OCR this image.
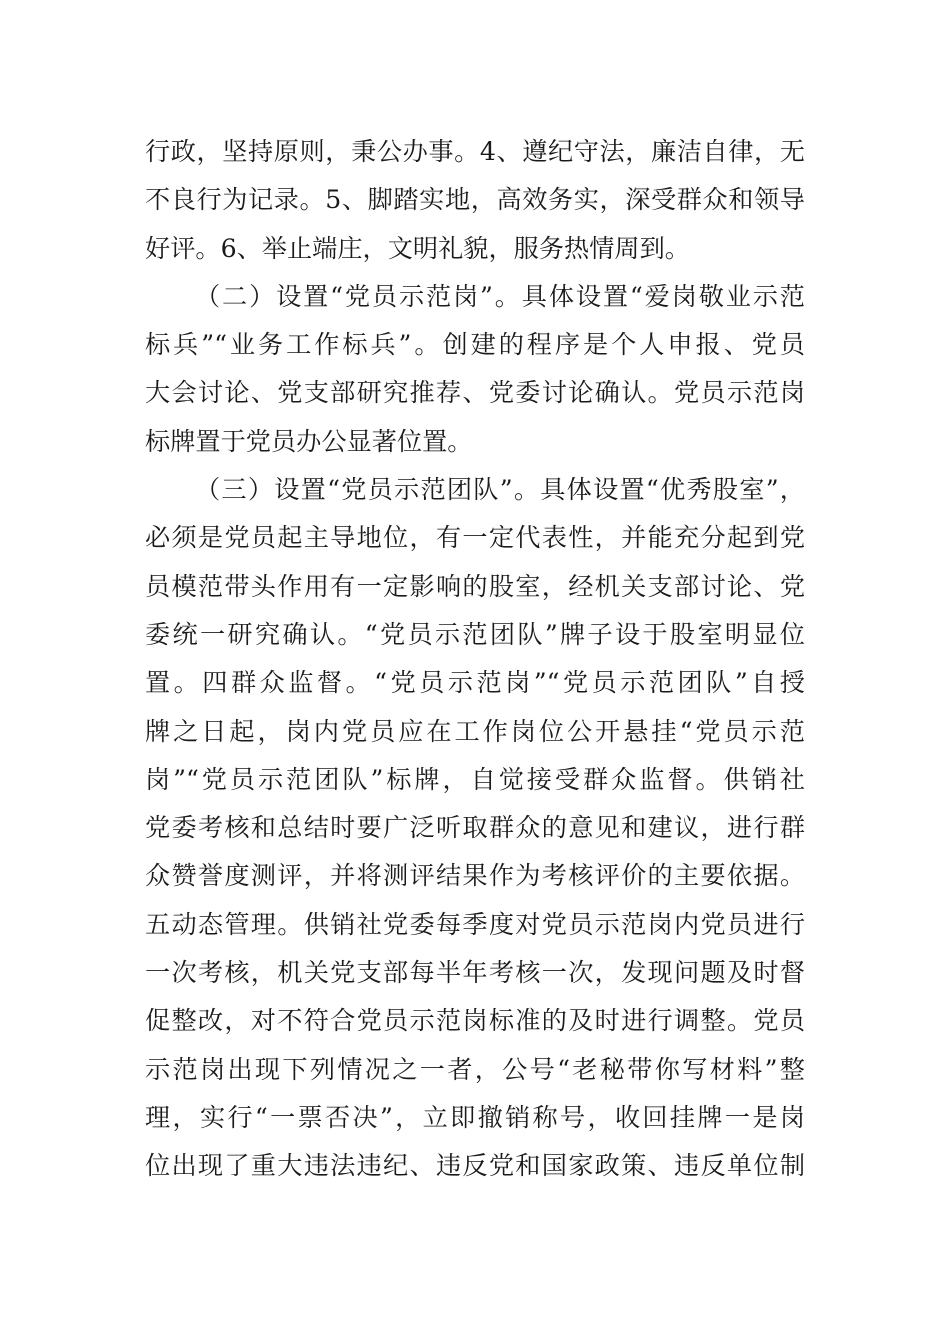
行政，坚持原则，秉公办事。4、遵纪守法，廉洁自律，无
不良行为记录。5、脚踏实地，高效务实，深受群众和领导
好评。6、举止端庄，文明礼貌，服务热情周到。
（二）设置“党员示范岗”。具体设置“爱岗敬业示范
标兵”“业务工作标兵”。创建的程序是个人申报、党员
大会讨论、党支部研究推荐、党委讨论确认。党员示范岗
标牌置于党员办公显著位置。
（三）设置“党员示范团队”。具体设置“优秀股室”，
必须是党员起主导地位，有一定代表性，并能充分起到党
员模范带头作用有一定影响的股室，经机关支部讨论、党
委统一研究确认。“党员示范团队”牌子设于股室明显位
置。四群众监督。“党员示范岗”“党员示范团队”自授
牌之日起，岗内党员应在工作岗位公开悬挂“党员示范
岗”“党员示范团队”标牌，自觉接受群众监督。供销社
党委考核和总结时要广泛听取群众的意见和建议，进行群
众赞誉度测评，并将测评结果作为考核评价的主要依据。
五动态管理。供销社党委每季度对党员示范岗内党员进行
一次考核，机关党支部每半年考核一次，发现问题及时督
促整改，对不符合党员示范岗标准的及时进行调整。党员
示范岗出现下列情况之一者，公号“老秘带你写材料”整
理，实行“一票否决”，立即撤销称号，收回挂牌一是岗
位出现了重大违法违纪、违反党和国家政策、违反单位制
